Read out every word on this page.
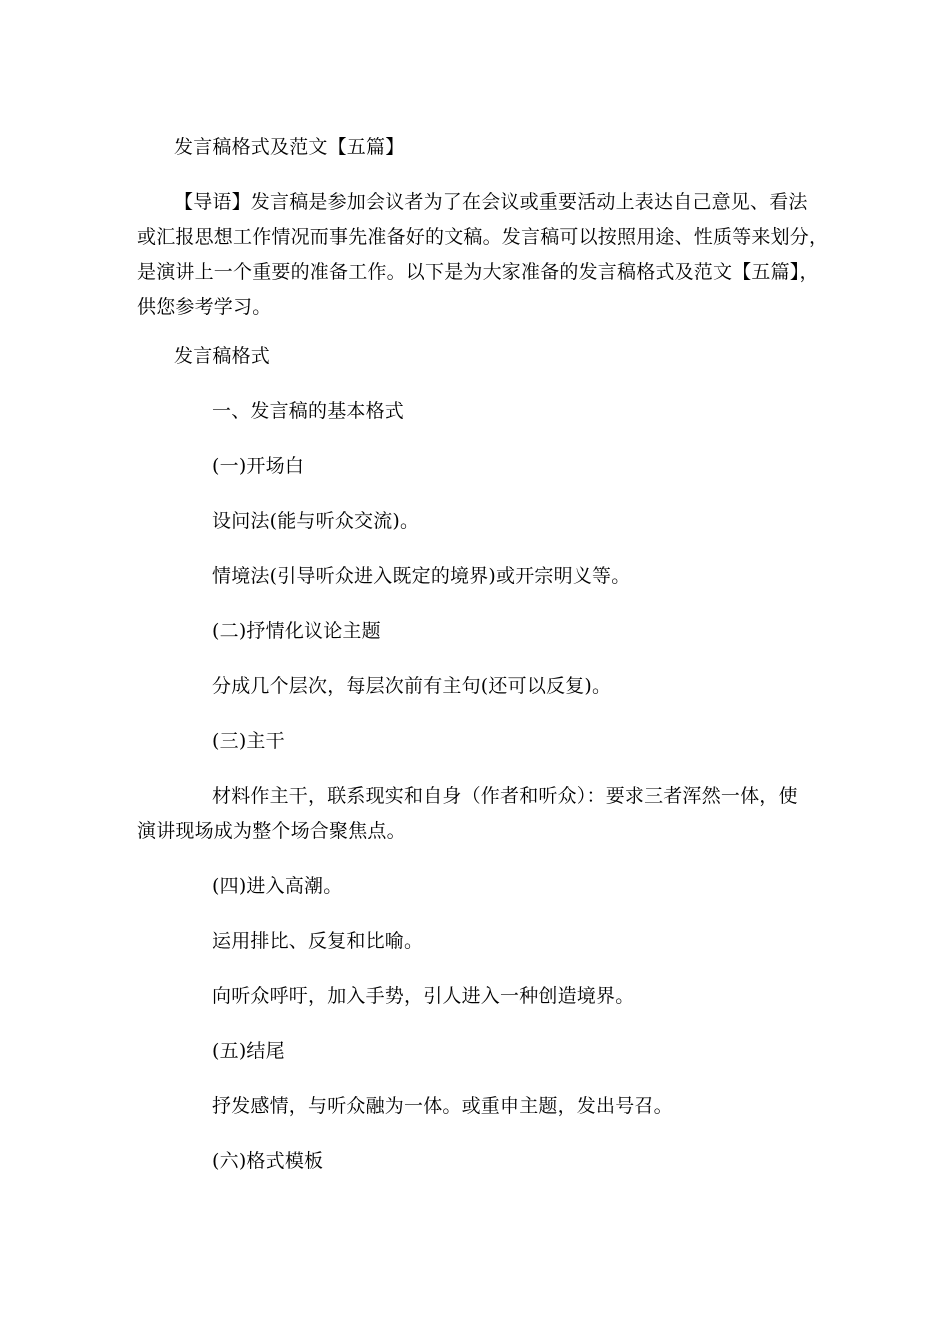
发言稿格式及范文【五篇】
【导语】发言稿是参加会议者为了在会议或重要活动上表达自己意见、看法
或汇报思想工作情况而事先准备好的文稿。发言稿可以按照用途、性质等来划分，
是演讲上一个重要的准备工作。以下是为大家准备的发言稿格式及范文【五篇】，
供您参考学习。
发言稿格式
一、发言稿的基本格式
(一)开场白
设问法(能与听众交流)。
情境法(引导听众进入既定的境界)或开宗明义等。
(二)抒情化议论主题
分成几个层次，每层次前有主句(还可以反复)。
(三)主干
材料作主干，联系现实和自身（作者和听众）：要求三者浑然一体，使
演讲现场成为整个场合聚焦点。
(四)进入高潮。
运用排比、反复和比喻。
向听众呼吁，加入手势，引人进入一种创造境界。
(五)结尾
抒发感情，与听众融为一体。或重申主题，发出号召。
(六)格式模板
